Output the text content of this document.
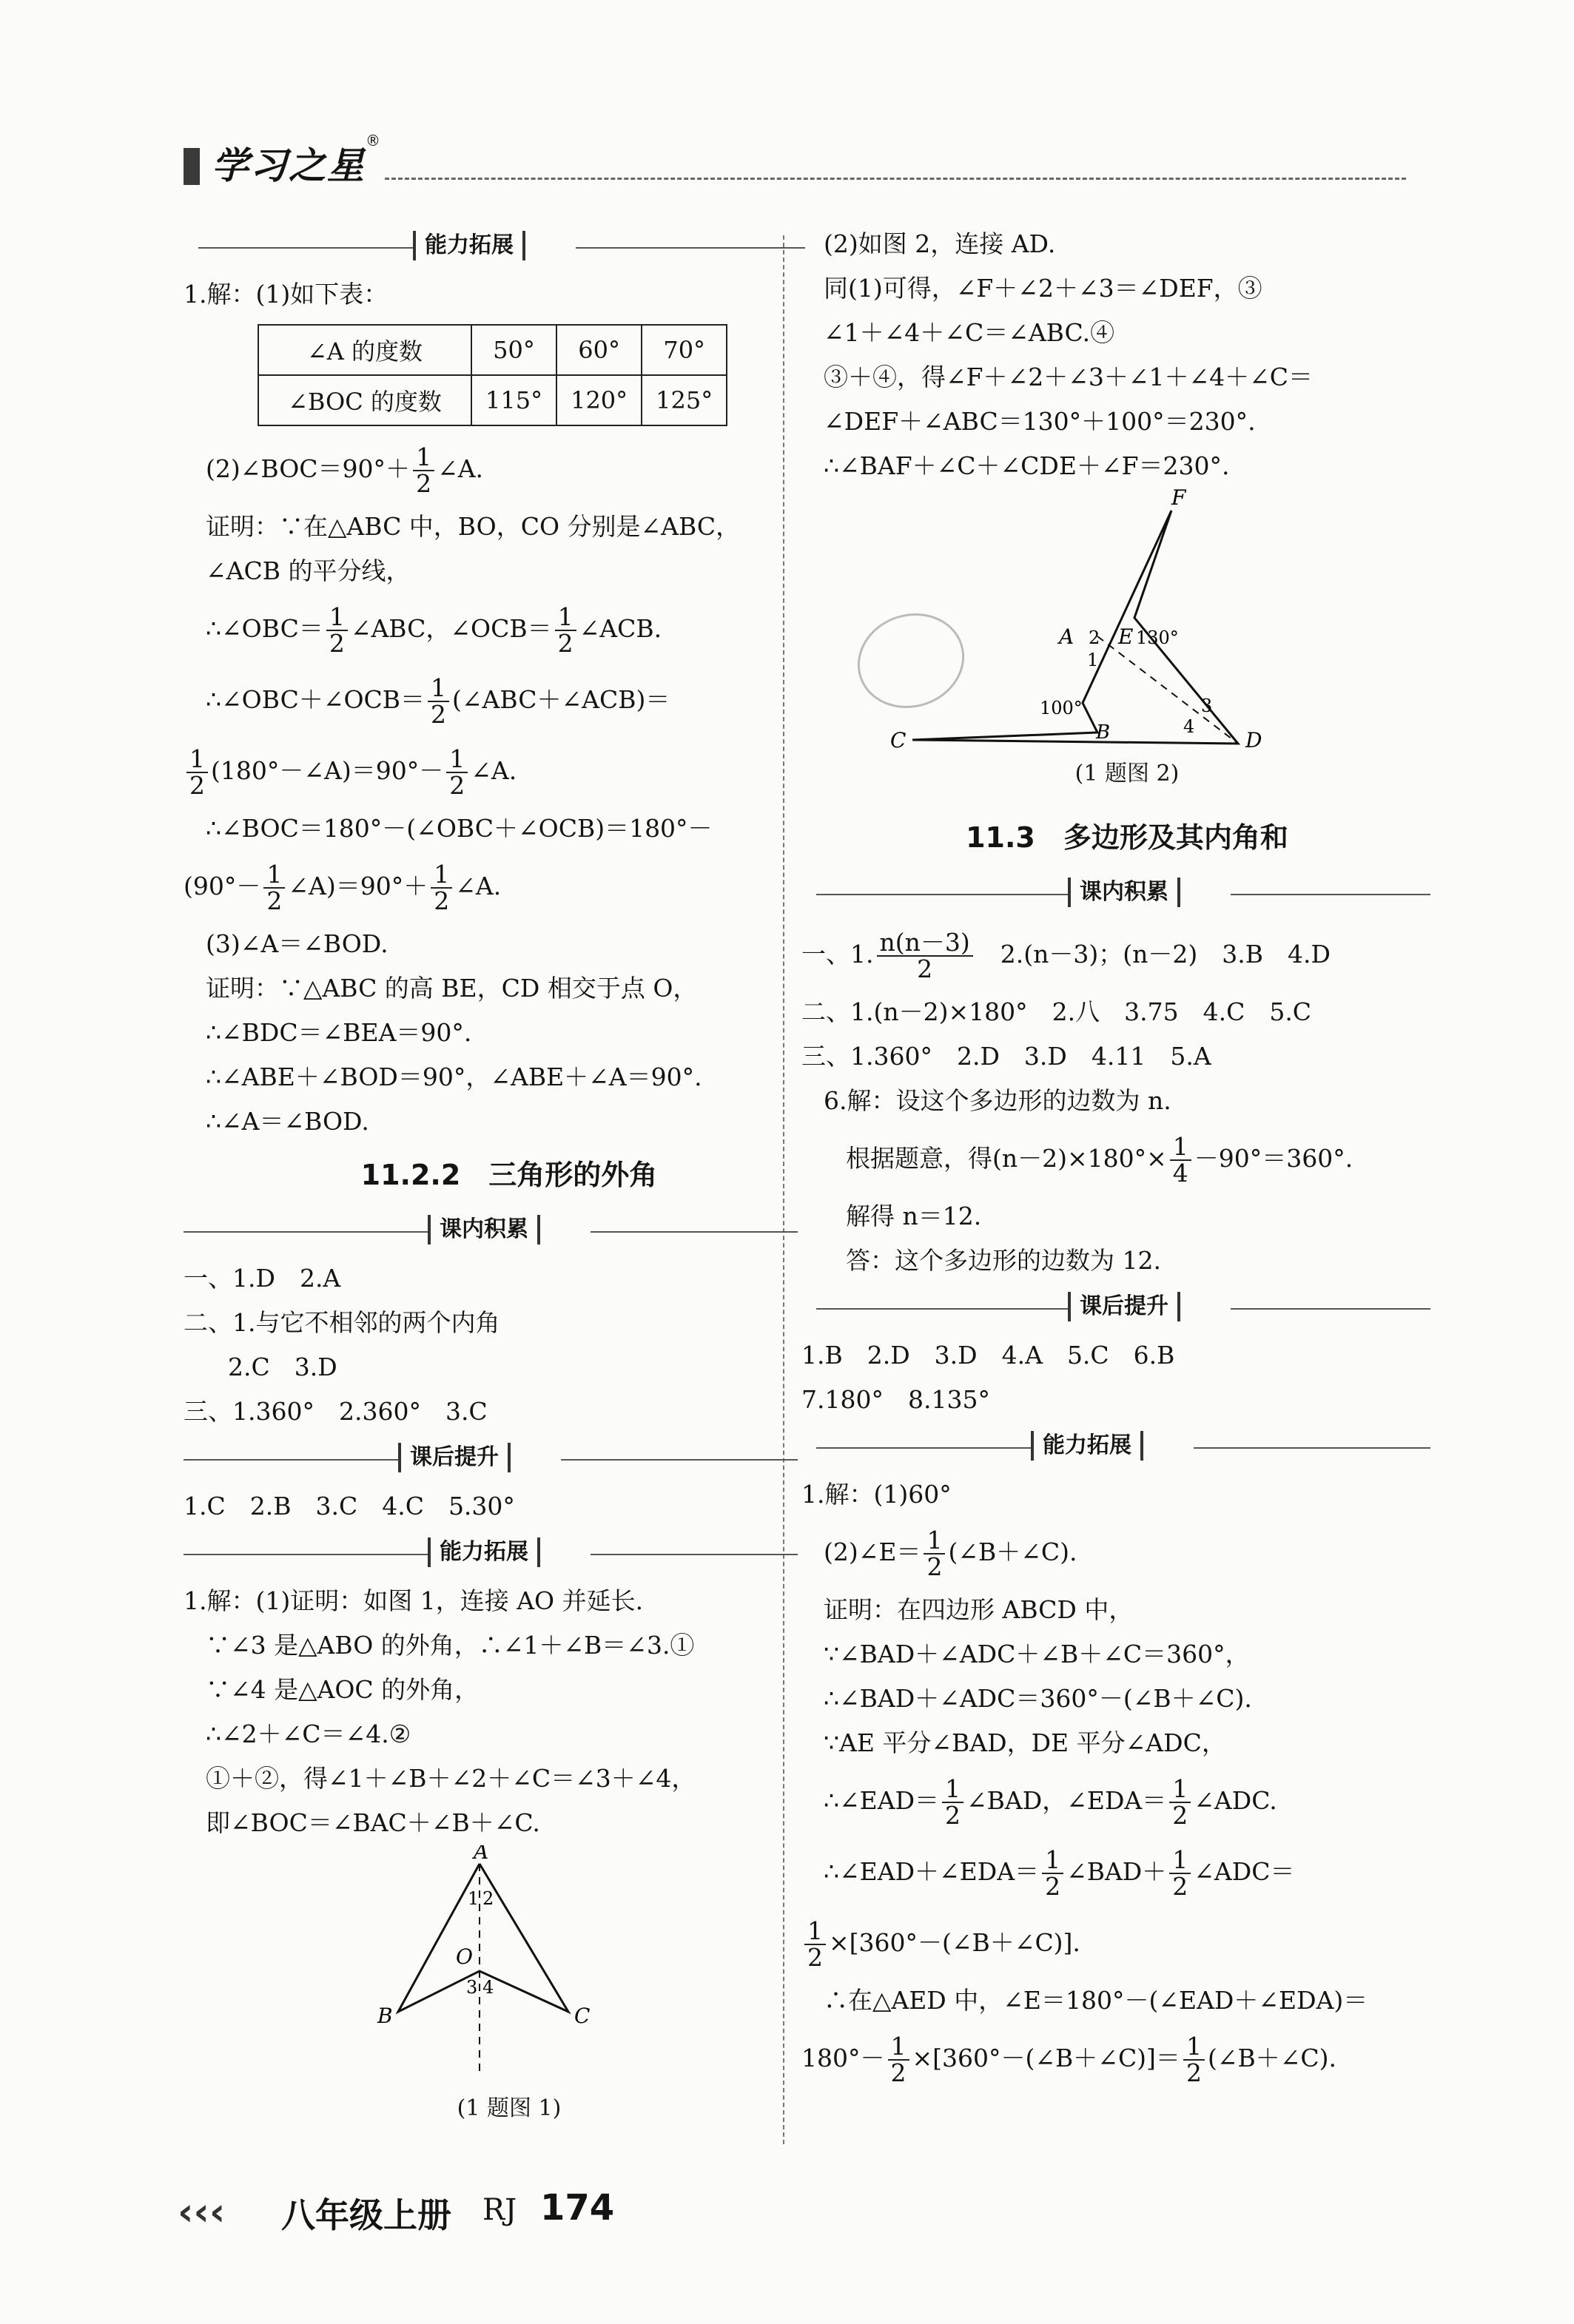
学习之星
®
能力拓展
1.解：(1)如下表：
∠A 的度数	50°	60°	70°
∠BOC 的度数	115°	120°	125°
(2)∠BOC＝90°＋ $\frac{1}{2}$ ∠A.
证明：∵在△ABC 中，BO，CO 分别是∠ABC，
∠ACB 的平分线，
∴∠OBC＝ $\frac{1}{2}$ ∠ABC，∠OCB＝ $\frac{1}{2}$ ∠ACB.
∴∠OBC＋∠OCB＝ $\frac{1}{2}$ (∠ABC＋∠ACB)＝
$\frac{1}{2}$ (180°－∠A)＝90°－ $\frac{1}{2}$ ∠A.
∴∠BOC＝180°－(∠OBC＋∠OCB)＝180°－
($90^\circ- \frac{1}{2}$ ∠A)＝90°＋ $\frac{1}{2}$ ∠A.
(3)∠A＝∠BOD.
证明：∵△ABC 的高 BE，CD 相交于点 O，
∴∠BDC＝∠BEA＝90°.
∴∠ABE＋∠BOD＝90°，∠ABE＋∠A＝90°.
∴∠A＝∠BOD.
11.2.2　三角形的外角
课内积累
一、1.D　2.A
二、1.与它不相邻的两个内角
2.C　3.D
三、1.360°　2.360°　3.C
课后提升
1.C　2.B　3.C　4.C　5.30°
能力拓展
1.解：(1)证明：如图 1，连接 AO 并延长.
∵∠3 是△ABO 的外角，∴∠1＋∠B＝∠3.①
∵∠4 是△AOC 的外角，
∴∠2＋∠C＝∠4.②
①＋②，得∠1＋∠B＋∠2＋∠C＝∠3＋∠4，
即∠BOC＝∠BAC＋∠B＋∠C.
A
B	C
O
1 2
3 4
(1 题图 1)
(2)如图 2，连接 AD.
同(1)可得，∠F＋∠2＋∠3＝∠DEF，③
∠1＋∠4＋∠C＝∠ABC.④
③＋④，得∠F＋∠2＋∠3＋∠1＋∠4＋∠C＝
∠DEF＋∠ABC＝130°＋100°＝230°.
∴∠BAF＋∠C＋∠CDE＋∠F＝230°.
F
A E 130°
B
C	D
100°
1
2
3
4
(1 题图 2)
11.3　多边形及其内角和
课内积累
一、1. $\frac{n(n-3)}{2}$
　 2.(n－3)；(n－2)　3.B　4.D
二、1.(n－2)×180°　2.八　3.75　4.C　5.C
三、1.360°　2.D　3.D　4.11　5.A
6.解：设这个多边形的边数为 n.
根据题意，得$(n-2)\times 180^\circ\times \frac{1}{4} -90^\circ=360^\circ$.
解得 n＝12.
答：这个多边形的边数为 12.
课后提升
1.B　2.D　3.D　4.A　5.C　6.B
7.180°　8.135°
能力拓展
1.解：(1)60°
(2)∠E＝ $\frac{1}{2}$ (∠B＋∠C).
证明：在四边形 ABCD 中，
∵∠BAD＋∠ADC＋∠B＋∠C＝360°，
∴∠BAD＋∠ADC＝360°－(∠B＋∠C).
∵AE 平分∠BAD，DE 平分∠ADC，
∴∠EAD＝ $\frac{1}{2}$ ∠BAD，∠EDA＝ $\frac{1}{2}$ ∠ADC.
∴∠EAD＋∠EDA＝ $\frac{1}{2}$ ∠BAD＋ $\frac{1}{2}$ ∠ADC＝
$\frac{1}{2}$ ×[360°－(∠B＋∠C)].
∴在△AED 中，∠E＝180°－(∠EAD＋∠EDA)＝
$180^\circ- \frac{1}{2}$ ×[360°－(∠B＋∠C)]＝ $\frac{1}{2}$ (∠B＋∠C).
‹‹‹ 八年级上册 RJ 174
